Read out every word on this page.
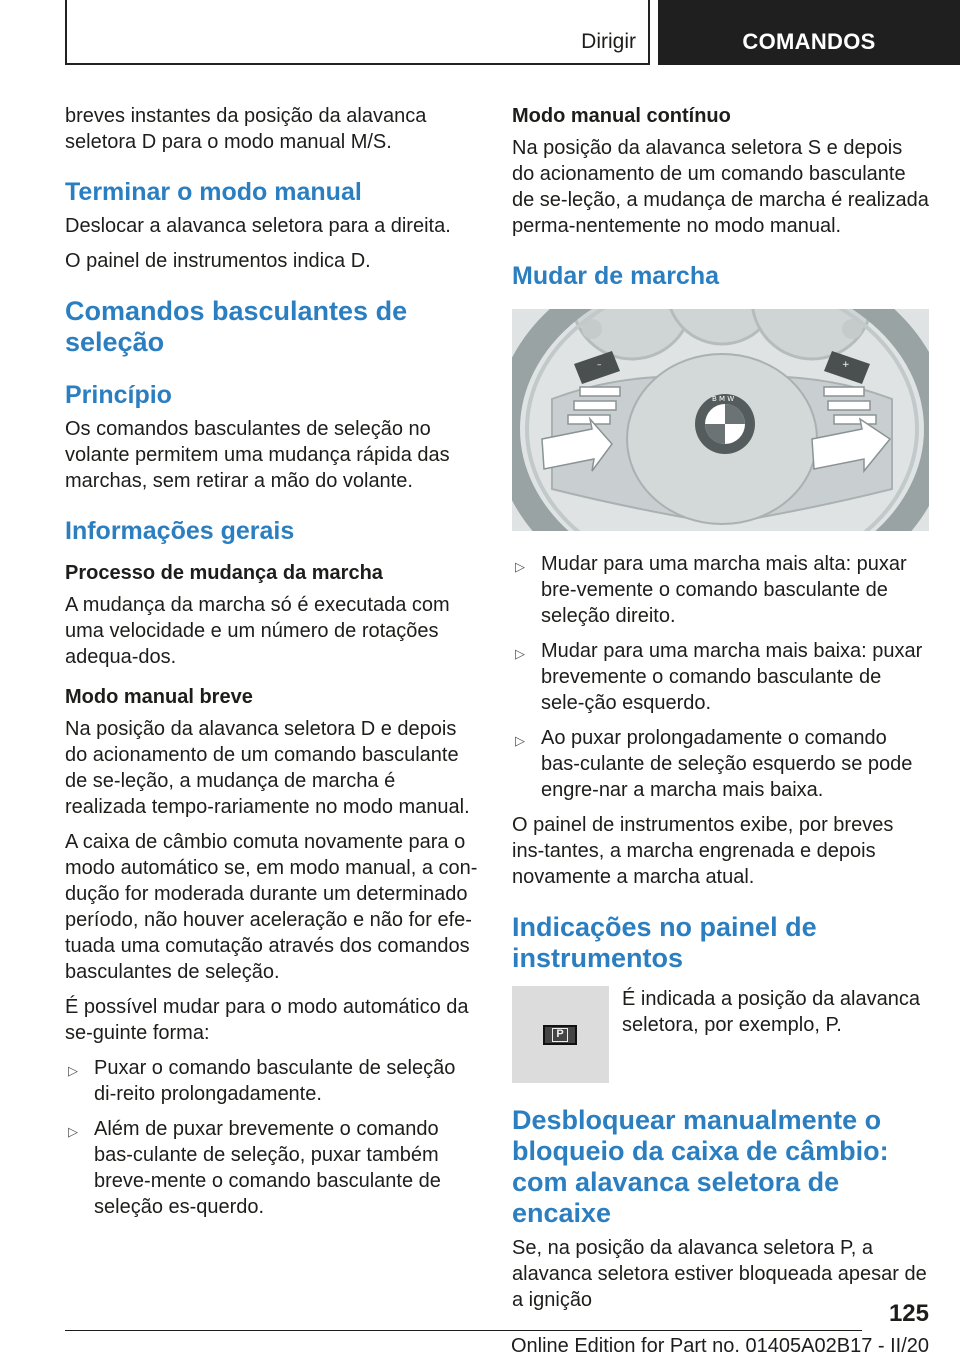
Dirigir	COMANDOS

breves instantes da posição da alavanca seletora D para o modo manual M/S.

Terminar o modo manual

Deslocar a alavanca seletora para a direita.

O painel de instrumentos indica D.

Comandos basculantes de seleção
Princípio

Os comandos basculantes de seleção no volante permitem uma mudança rápida das marchas, sem retirar a mão do volante.

Informações gerais
Processo de mudança da marcha

A mudança da marcha só é executada com uma velocidade e um número de rotações adequa-dos.

Modo manual breve

Na posição da alavanca seletora D e depois do acionamento de um comando basculante de se-leção, a mudança de marcha é realizada tempo-rariamente no modo manual.

A caixa de câmbio comuta novamente para o modo automático se, em modo manual, a con-dução for moderada durante um determinado período, não houver aceleração e não for efe-tuada uma comutação através dos comandos basculantes de seleção.

É possível mudar para o modo automático da se-guinte forma:

▷ Puxar o comando basculante de seleção di-reito prolongadamente.
▷ Além de puxar brevemente o comando bas-culante de seleção, puxar também breve-mente o comando basculante de seleção es-querdo.
Modo manual contínuo

Na posição da alavanca seletora S e depois do acionamento de um comando basculante de se-leção, a mudança de marcha é realizada perma-nentemente no modo manual.

Mudar de marcha
–	+
B M W
▷ Mudar para uma marcha mais alta: puxar bre-vemente o comando basculante de seleção direito.
▷ Mudar para uma marcha mais baixa: puxar brevemente o comando basculante de sele-ção esquerdo.
▷ Ao puxar prolongadamente o comando bas-culante de seleção esquerdo se pode engre-nar a marcha mais baixa.

O painel de instrumentos exibe, por breves ins-tantes, a marcha engrenada e depois novamente a marcha atual.

Indicações no painel de instrumentos
P
É indicada a posição da alavanca seletora, por exemplo, P.
Desbloquear manualmente o bloqueio da caixa de câmbio: com alavanca seletora de encaixe

Se, na posição da alavanca seletora P, a alavanca seletora estiver bloqueada apesar de a ignição	125
Online Edition for Part no. 01405A02B17 - II/20
